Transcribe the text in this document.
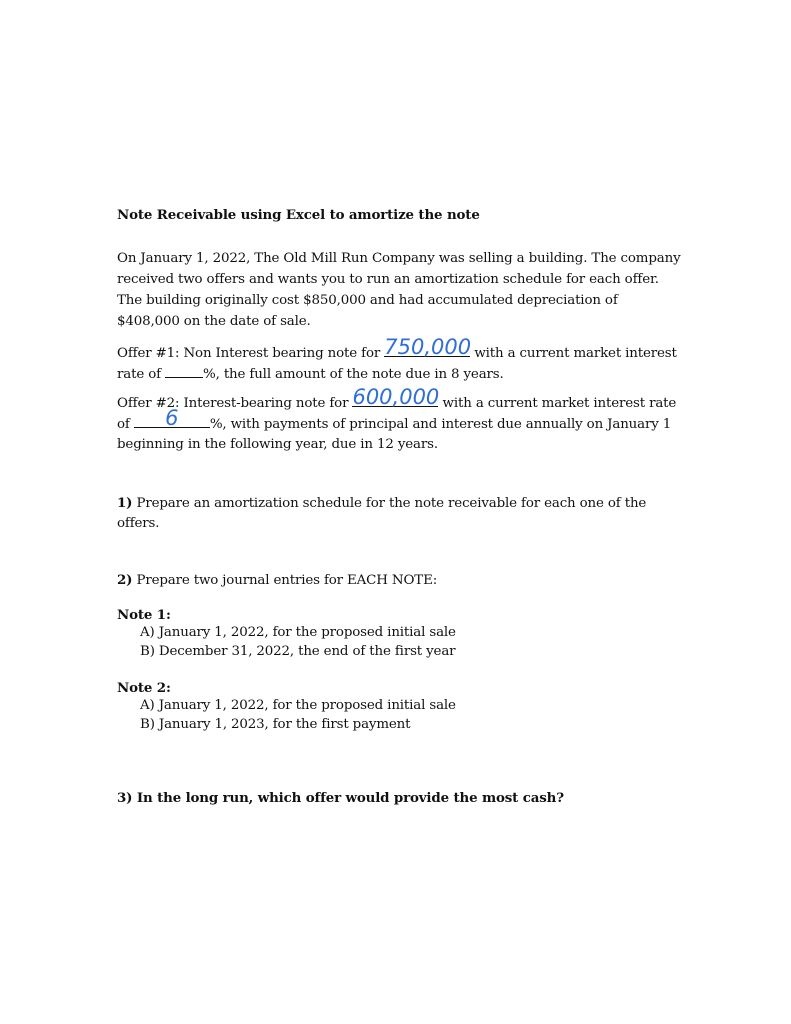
Note Receivable using Excel to amortize the note
On January 1, 2022, The Old Mill Run Company was selling a building. The company
received two offers and wants you to run an amortization schedule for each offer.
The building originally cost $850,000 and had accumulated depreciation of
$408,000 on the date of sale.
Offer #1: Non Interest bearing note for 750,000 with a current market interest
rate of	%, the full amount of the note due in 8 years.
Offer #2: Interest-bearing note for 600,000 with a current market interest rate
of	6	%, with payments of principal and interest due annually on January 1
beginning in the following year, due in 12 years.
1) Prepare an amortization schedule for the note receivable for each one of the
offers.
2) Prepare two journal entries for EACH NOTE:
Note 1:
A) January 1, 2022, for the proposed initial sale
B) December 31, 2022, the end of the first year
Note 2:
A) January 1, 2022, for the proposed initial sale
B) January 1, 2023, for the first payment
3) In the long run, which offer would provide the most cash?
